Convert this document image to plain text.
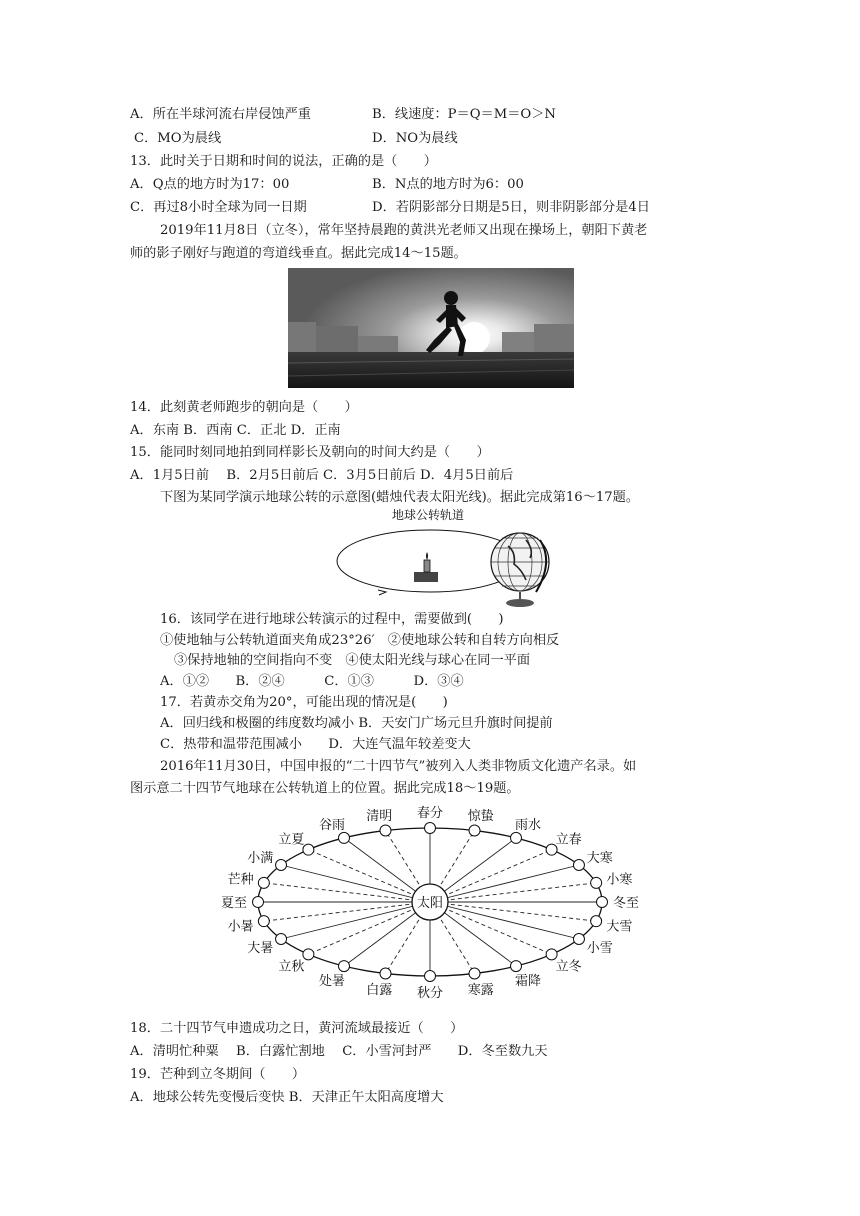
A．所在半球河流右岸侵蚀严重	B．线速度：P＝Q＝M＝O＞N
C．MO为晨线	D．NO为晨线
13．此时关于日期和时间的说法，正确的是（　　）
A．Q点的地方时为17：00	B．N点的地方时为6：00
C．再过8小时全球为同一日期	D．若阴影部分日期是5日，则非阴影部分是4日
2019年11月8日（立冬），常年坚持晨跑的黄洪光老师又出现在操场上，朝阳下黄老
师的影子刚好与跑道的弯道线垂直。据此完成14～15题。
14．此刻黄老师跑步的朝向是（　　）
A．东南 B．西南 C．正北 D．正南
15．能同时刻同地拍到同样影长及朝向的时间大约是（　　）
A．1月5日前　 B．2月5日前后 C．3月5日前后 D．4月5日前后
下图为某同学演示地球公转的示意图(蜡烛代表太阳光线)。据此完成第16～17题。
地球公转轨道
16．该同学在进行地球公转演示的过程中，需要做到(　　)
①使地轴与公转轨道面夹角成23°26′　②使地球公转和自转方向相反
③保持地轴的空间指向不变　④使太阳光线与球心在同一平面
A．①②　　B．②④　　　C．①③　　　D．③④
17．若黄赤交角为20°，可能出现的情况是(　　)
A．回归线和极圈的纬度数均减小 B．天安门广场元旦升旗时间提前
C．热带和温带范围减小　　D．大连气温年较差变大
2016年11月30日，中国申报的“二十四节气”被列入人类非物质文化遗产名录。如
图示意二十四节气地球在公转轨道上的位置。据此完成18～19题。
冬至
小寒
大寒
立春
雨水
惊蛰
春分
清明
谷雨
立夏
小满
芒种
夏至
小暑
大暑
立秋
处暑
白露 秋分 寒露
霜降
立冬
小雪
大雪
太阳
18．二十四节气申遗成功之日，黄河流域最接近（　　）
A．清明忙种粟　 B．白露忙割地　 C．小雪河封严　　D．冬至数九天
19．芒种到立冬期间（　　）
A．地球公转先变慢后变快 B．天津正午太阳高度增大
